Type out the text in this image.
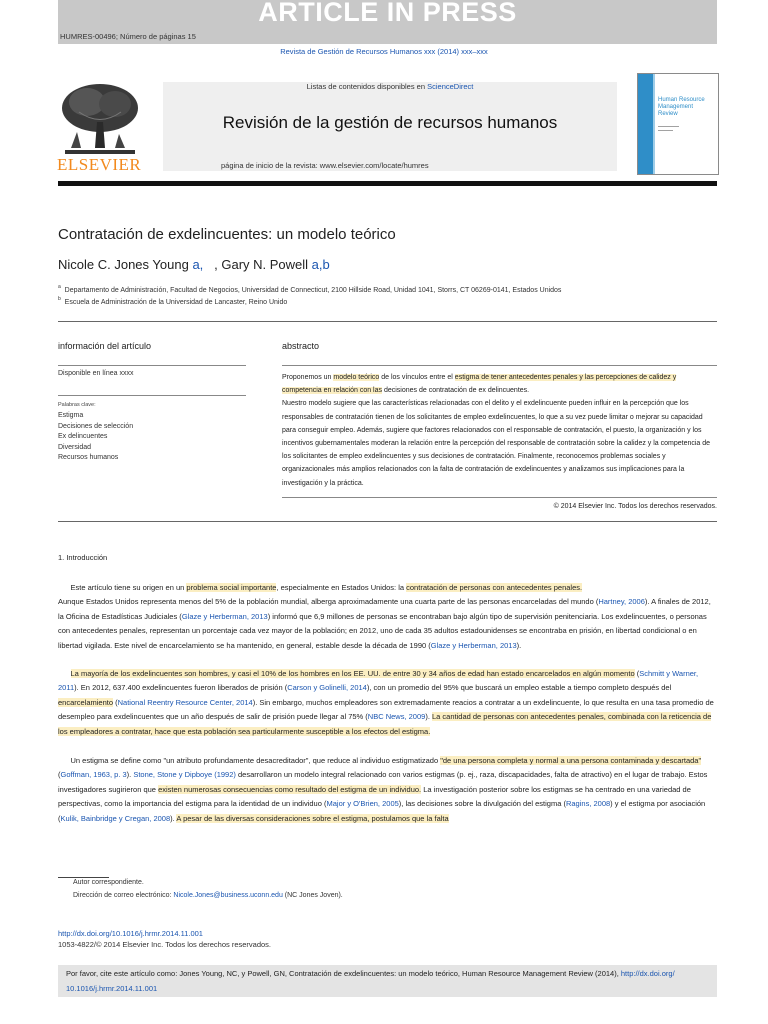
ARTICLE IN PRESS
HUMRES-00496; Número de páginas 15
Revista de Gestión de Recursos Humanos xxx (2014) xxx–xxx
Listas de contenidos disponibles en ScienceDirect
Revisión de la gestión de recursos humanos
página de inicio de la revista: www.elsevier.com/locate/humres
ELSEVIER
Human Resource Management Review
▬▬▬▬▬▬▬
▬▬▬▬▬
Contratación de exdelincuentes: un modelo teórico
Nicole C. Jones Young a, , Gary N. Powell a,b
$^a$ Departamento de Administración, Facultad de Negocios, Universidad de Connecticut, 2100 Hillside Road, Unidad 1041, Storrs, CT 06269-0141, Estados Unidos
$^b$ Escuela de Administración de la Universidad de Lancaster, Reino Unido
información del artículo
Disponible en línea xxxx
Palabras clave:
Estigma
Decisiones de selección
Ex delincuentes
Diversidad
Recursos humanos
abstracto
Proponemos un modelo teórico de los vínculos entre el estigma de tener antecedentes penales y las percepciones de calidez y competencia en relación con las decisiones de contratación de ex delincuentes.
Nuestro modelo sugiere que las características relacionadas con el delito y el exdelincuente pueden influir en la percepción que los responsables de contratación tienen de los solicitantes de empleo exdelincuentes, lo que a su vez puede limitar o mejorar su capacidad para conseguir empleo. Además, sugiere que factores relacionados con el responsable de contratación, el puesto, la organización y los incentivos gubernamentales moderan la relación entre la percepción del responsable de contratación sobre la calidez y la competencia de los solicitantes de empleo exdelincuentes y sus decisiones de contratación. Finalmente, reconocemos problemas sociales y organizacionales más amplios relacionados con la falta de contratación de exdelincuentes y analizamos sus implicaciones para la investigación y la práctica.
© 2014 Elsevier Inc. Todos los derechos reservados.
1. Introducción
Este artículo tiene su origen en un problema social importante, especialmente en Estados Unidos: la contratación de personas con antecedentes penales.
Aunque Estados Unidos representa menos del 5% de la población mundial, alberga aproximadamente una cuarta parte de las personas encarceladas del mundo (Hartney, 2006). A finales de 2012, la Oficina de Estadísticas Judiciales (Glaze y Herberman, 2013) informó que 6,9 millones de personas se encontraban bajo algún tipo de supervisión penitenciaria. Los exdelincuentes, o personas con antecedentes penales, representan un porcentaje cada vez mayor de la población; en 2012, uno de cada 35 adultos estadounidenses se encontraba en prisión, en libertad condicional o en libertad vigilada. Este nivel de encarcelamiento se ha mantenido, en general, estable desde la década de 1990 (Glaze y Herberman, 2013).
La mayoría de los exdelincuentes son hombres, y casi el 10% de los hombres en los EE. UU. de entre 30 y 34 años de edad han estado encarcelados en algún momento (Schmitt y Warner, 2011). En 2012, 637.400 exdelincuentes fueron liberados de prisión (Carson y Golinelli, 2014), con un promedio del 95% que buscará un empleo estable a tiempo completo después del encarcelamiento (National Reentry Resource Center, 2014). Sin embargo, muchos empleadores son extremadamente reacios a contratar a un exdelincuente, lo que resulta en una tasa promedio de desempleo para exdelincuentes que un año después de salir de prisión puede llegar al 75% (NBC News, 2009). La cantidad de personas con antecedentes penales, combinada con la reticencia de los empleadores a contratar, hace que esta población sea particularmente susceptible a los efectos del estigma.
Un estigma se define como "un atributo profundamente desacreditador", que reduce al individuo estigmatizado "de una persona completa y normal a una persona contaminada y descartada" (Goffman, 1963, p. 3). Stone, Stone y Dipboye (1992) desarrollaron un modelo integral relacionado con varios estigmas (p. ej., raza, discapacidades, falta de atractivo) en el lugar de trabajo. Estos investigadores sugirieron que existen numerosas consecuencias como resultado del estigma de un individuo. La investigación posterior sobre los estigmas se ha centrado en una variedad de perspectivas, como la importancia del estigma para la identidad de un individuo (Major y O'Brien, 2005), las decisiones sobre la divulgación del estigma (Ragins, 2008) y el estigma por asociación (Kulik, Bainbridge y Cregan, 2008). A pesar de las diversas consideraciones sobre el estigma, postulamos que la falta
Autor correspondiente.
Dirección de correo electrónico: Nicole.Jones@business.uconn.edu (NC Jones Joven).
http://dx.doi.org/10.1016/j.hrmr.2014.11.001
1053-4822/© 2014 Elsevier Inc. Todos los derechos reservados.
Por favor, cite este artículo como: Jones Young, NC, y Powell, GN, Contratación de exdelincuentes: un modelo teórico, Human Resource Management Review (2014), http://dx.doi.org/
10.1016/j.hrmr.2014.11.001
